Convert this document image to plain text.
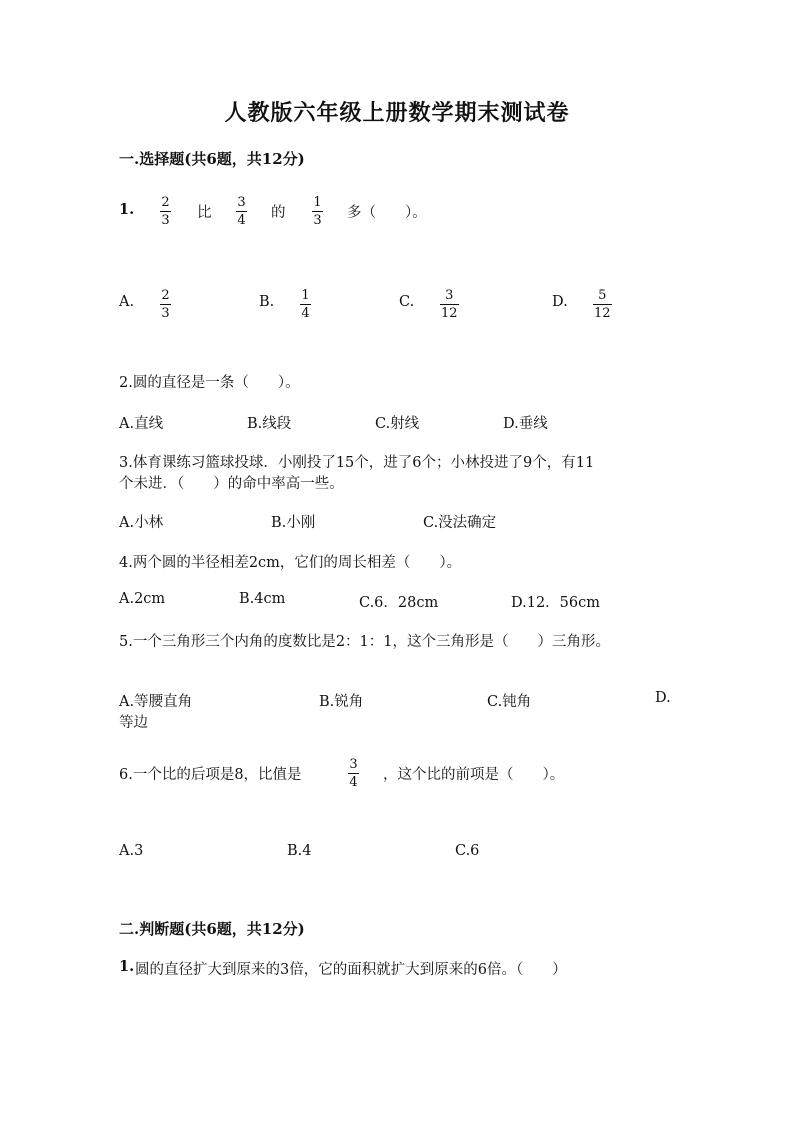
人教版六年级上册数学期末测试卷
一.选择题(共6题，共12分)
1. 2
3 比
3
4 的
1
3 多（　　）。
A. 2
3
B. 1
4
C. 3
12
D. 5
12
2.圆的直径是一条（　　）。
A.直线	B.线段	C.射线	D.垂线
3.体育课练习篮球投球．小刚投了15个，进了6个；小林投进了9个，有11
个未进．（　　）的命中率高一些。
A.小林	B.小刚	C.没法确定
4.两个圆的半径相差2cm，它们的周长相差（　　）。
A.2cm	B.4cm	C.6．28cm	D.12．56cm
5.一个三角形三个内角的度数比是2：1：1，这个三角形是（　　）三角形。
A.等腰直角	B.锐角	C.钝角	D.
等边
6.一个比的后项是8，比值是
3
4 ，这个比的前项是（　　）。
A.3	B.4	C.6
二.判断题(共6题，共12分)
1. 圆的直径扩大到原来的3倍，它的面积就扩大到原来的6倍。（　　）
